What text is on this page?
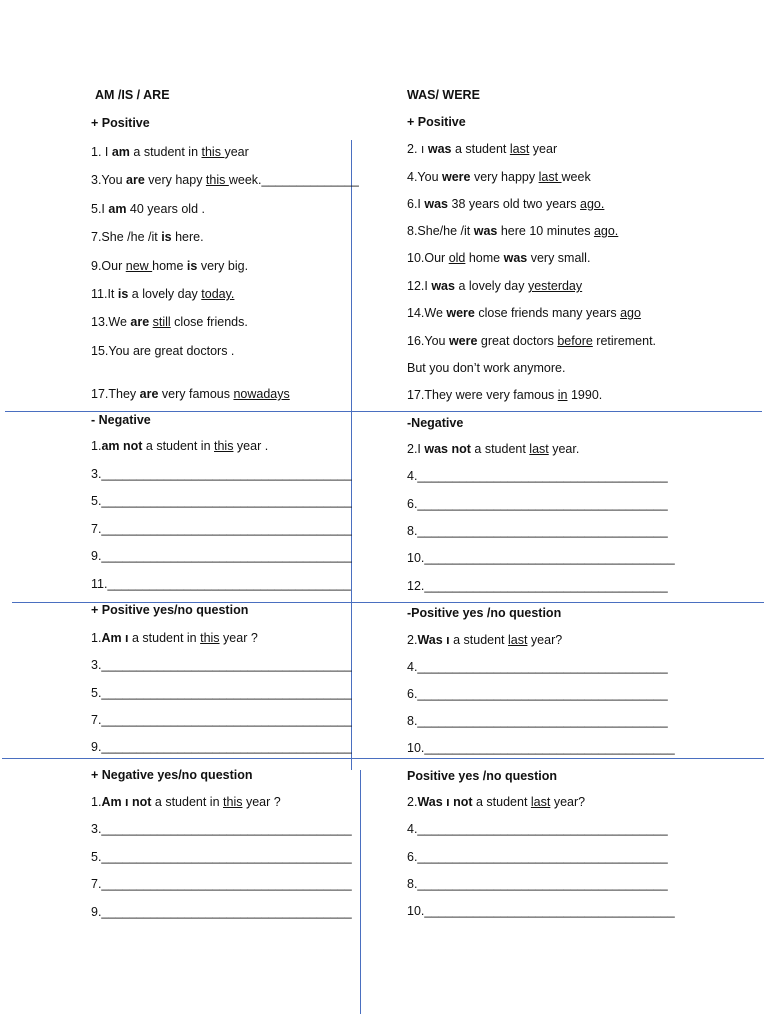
AM /IS / ARE
+ Positive
1. I am a student in this year
3.You are very hapy this week.______________
5.I am 40 years old .
7.She /he /it is here.
9.Our new home is very big.
11.It is a lovely day today.
13.We are still close friends.
15.You are great doctors .
17.They are very famous nowadays
- Negative
1.am not a student in this year .
3.____________________________________
5.____________________________________
7.____________________________________
9.____________________________________
11.___________________________________
+ Positive yes/no question
1.Am ı a student in this year ?
3.____________________________________
5.____________________________________
7.____________________________________
9.____________________________________
+ Negative yes/no question
1.Am ı not a student in this year ?
3.____________________________________
5.____________________________________
7.____________________________________
9.____________________________________
WAS/ WERE
+ Positive
2. ı was a student last year
4.You were very happy last week
6.I was 38 years old two years ago.
8.She/he /it was here 10 minutes ago.
10.Our old home was very small.
12.I was a lovely day yesterday
14.We were close friends many years ago
16.You were great doctors before retirement.
But you don’t work anymore.
17.They were very famous in 1990.
-Negative
2.I was not a student last year.
4.____________________________________
6.____________________________________
8.____________________________________
10.____________________________________
12.___________________________________
-Positive yes /no question
2.Was ı a student last year?
4.____________________________________
6.____________________________________
8.____________________________________
10.____________________________________
Positive yes /no question
2.Was ı not a student last year?
4.____________________________________
6.____________________________________
8.____________________________________
10.____________________________________
